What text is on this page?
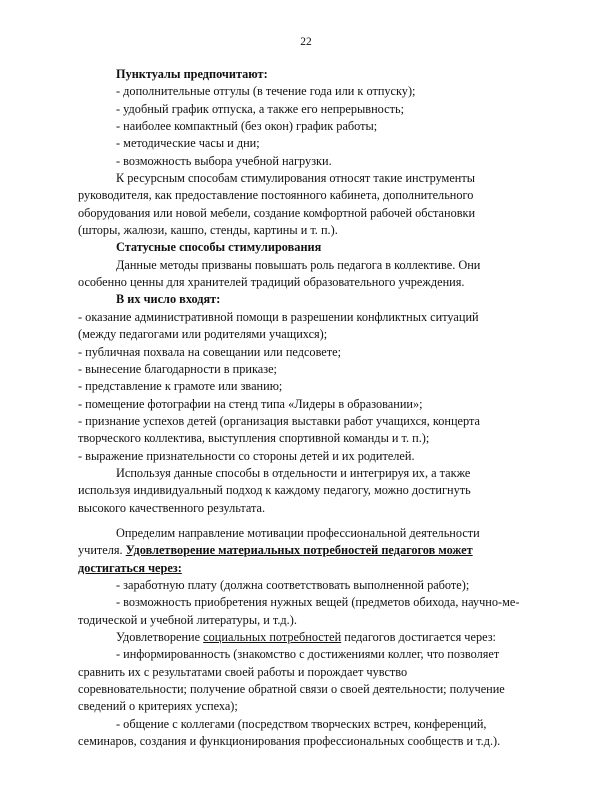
22
Пунктуалы предпочитают:
- дополнительные отгулы (в течение года или к отпуску);
- удобный график отпуска, а также его непрерывность;
- наиболее компактный (без окон) график работы;
- методические часы и дни;
- возможность выбора учебной нагрузки.
К ресурсным способам стимулирования относят такие инструменты
руководителя, как предоставление постоянного кабинета, дополнительного
оборудования или новой мебели, создание комфортной рабочей обстановки
(шторы, жалюзи, кашпо, стенды, картины и т. п.).
Статусные способы стимулирования
Данные методы призваны повышать роль педагога в коллективе. Они
особенно ценны для хранителей традиций образовательного учреждения.
В их число входят:
- оказание административной помощи в разрешении конфликтных ситуаций
(между педагогами или родителями учащихся);
- публичная похвала на совещании или педсовете;
- вынесение благодарности в приказе;
- представление к грамоте или званию;
- помещение фотографии на стенд типа «Лидеры в образовании»;
- признание успехов детей (организация выставки работ учащихся, концерта
творческого коллектива, выступления спортивной команды и т. п.);
- выражение признательности со стороны детей и их родителей.
Используя данные способы в отдельности и интегрируя их, а также
используя индивидуальный подход к каждому педагогу, можно достигнуть
высокого качественного результата.
Определим направление мотивации профессиональной деятельности
учителя. Удовлетворение материальных потребностей педагогов может
достигаться через:
- заработную плату (должна соответствовать выполненной работе);
- возможность приобретения нужных вещей (предметов обихода, научно-ме-
тодической и учебной литературы, и т.д.).
Удовлетворение социальных потребностей педагогов достигается через:
- информированность (знакомство с достижениями коллег, что позволяет
сравнить их с результатами своей работы и порождает чувство
соревновательности; получение обратной связи о своей деятельности; получение
сведений о критериях успеха);
- общение с коллегами (посредством творческих встреч, конференций,
семинаров, создания и функционирования профессиональных сообществ и т.д.).
